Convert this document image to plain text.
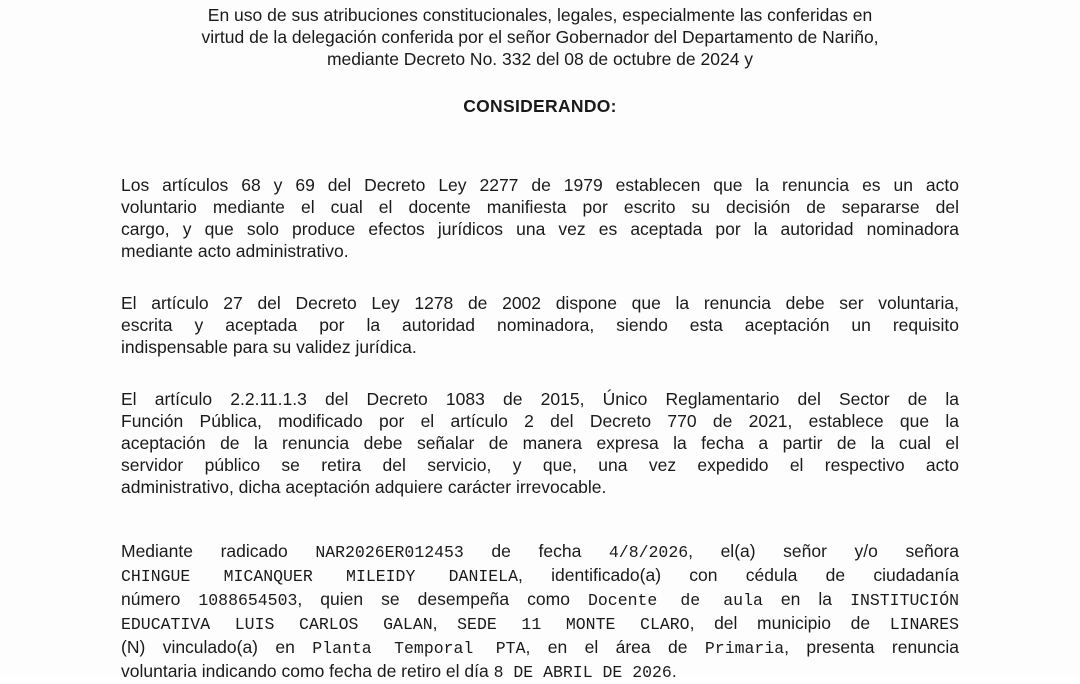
En uso de sus atribuciones constitucionales, legales, especialmente las conferidas en
virtud de la delegación conferida por el señor Gobernador del Departamento de Nariño,
mediante Decreto No. 332 del 08 de octubre de 2024 y
CONSIDERANDO:
Los artículos 68 y 69 del Decreto Ley 2277 de 1979 establecen que la renuncia es un acto
voluntario mediante el cual el docente manifiesta por escrito su decisión de separarse del
cargo, y que solo produce efectos jurídicos una vez es aceptada por la autoridad nominadora
mediante acto administrativo.
El artículo 27 del Decreto Ley 1278 de 2002 dispone que la renuncia debe ser voluntaria,
escrita y aceptada por la autoridad nominadora, siendo esta aceptación un requisito
indispensable para su validez jurídica.
El artículo 2.2.11.1.3 del Decreto 1083 de 2015, Único Reglamentario del Sector de la
Función Pública, modificado por el artículo 2 del Decreto 770 de 2021, establece que la
aceptación de la renuncia debe señalar de manera expresa la fecha a partir de la cual el
servidor público se retira del servicio, y que, una vez expedido el respectivo acto
administrativo, dicha aceptación adquiere carácter irrevocable.
Mediante radicado NAR2026ER012453 de fecha 4/8/2026, el(a) señor y/o señora
CHINGUE MICANQUER MILEIDY DANIELA, identificado(a) con cédula de ciudadanía
número 1088654503, quien se desempeña como Docente de aula en la INSTITUCIÓN
EDUCATIVA LUIS CARLOS GALAN, SEDE 11 MONTE CLARO, del municipio de LINARES
(N) vinculado(a) en Planta Temporal PTA, en el área de Primaria, presenta renuncia
voluntaria indicando como fecha de retiro el día 8 DE ABRIL DE 2026.
